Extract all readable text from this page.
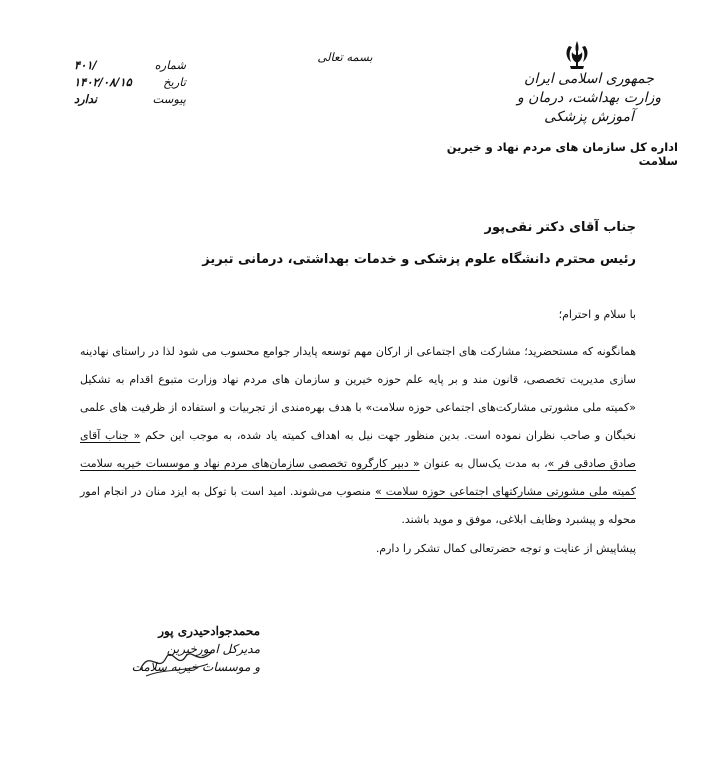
جمهوری اسلامی ایران
وزارت بهداشت، درمان و آموزش پزشکی
اداره کل سازمان های مردم نهاد و خیرین سلامت
بسمه تعالی
شماره
۴۰۱/
تاریخ
۱۴۰۲/۰۸/۱۵
پیوست
ندارد
جناب آقای دکتر نقی‌پور
رئیس محترم دانشگاه علوم پزشکی و خدمات بهداشتی، درمانی تبریز
با سلام و احترام؛

همانگونه که مستحضرید؛ مشارکت های اجتماعی از ارکان مهم توسعه پایدار جوامع محسوب می شود لذا در راستای نهادینه سازی مدیریت تخصصی، قانون مند و بر پایه علم حوزه خیرین و سازمان های مردم نهاد وزارت متبوع اقدام به تشکیل «کمیته ملی مشورتی مشارکت‌های اجتماعی حوزه سلامت» با هدف بهره‌مندی از تجربیات و استفاده از ظرفیت های علمی نخبگان و صاحب نظران نموده است. بدین منظور جهت نیل به اهداف کمیته یاد شده، به موجب این حکم « جناب آقای صادق صادقی فر »، به مدت یک‌سال به عنوان « دبیر کارگروه تخصصی سازمان‌های مردم نهاد و موسسات خیریه سلامت کمیته ملی مشورتی مشارکتهای اجتماعی حوزه سلامت » منصوب می‌شوند. امید است با توکل به ایزد منان در انجام امور محوله و پیشبرد وظایف ابلاغی، موفق و موید باشند.

پیشاپیش از عنایت و توجه حضرتعالی کمال تشکر را دارم.
محمدجوادحیدری پور
مدیرکل امورخیرین
و موسسات خیریه سلامت
